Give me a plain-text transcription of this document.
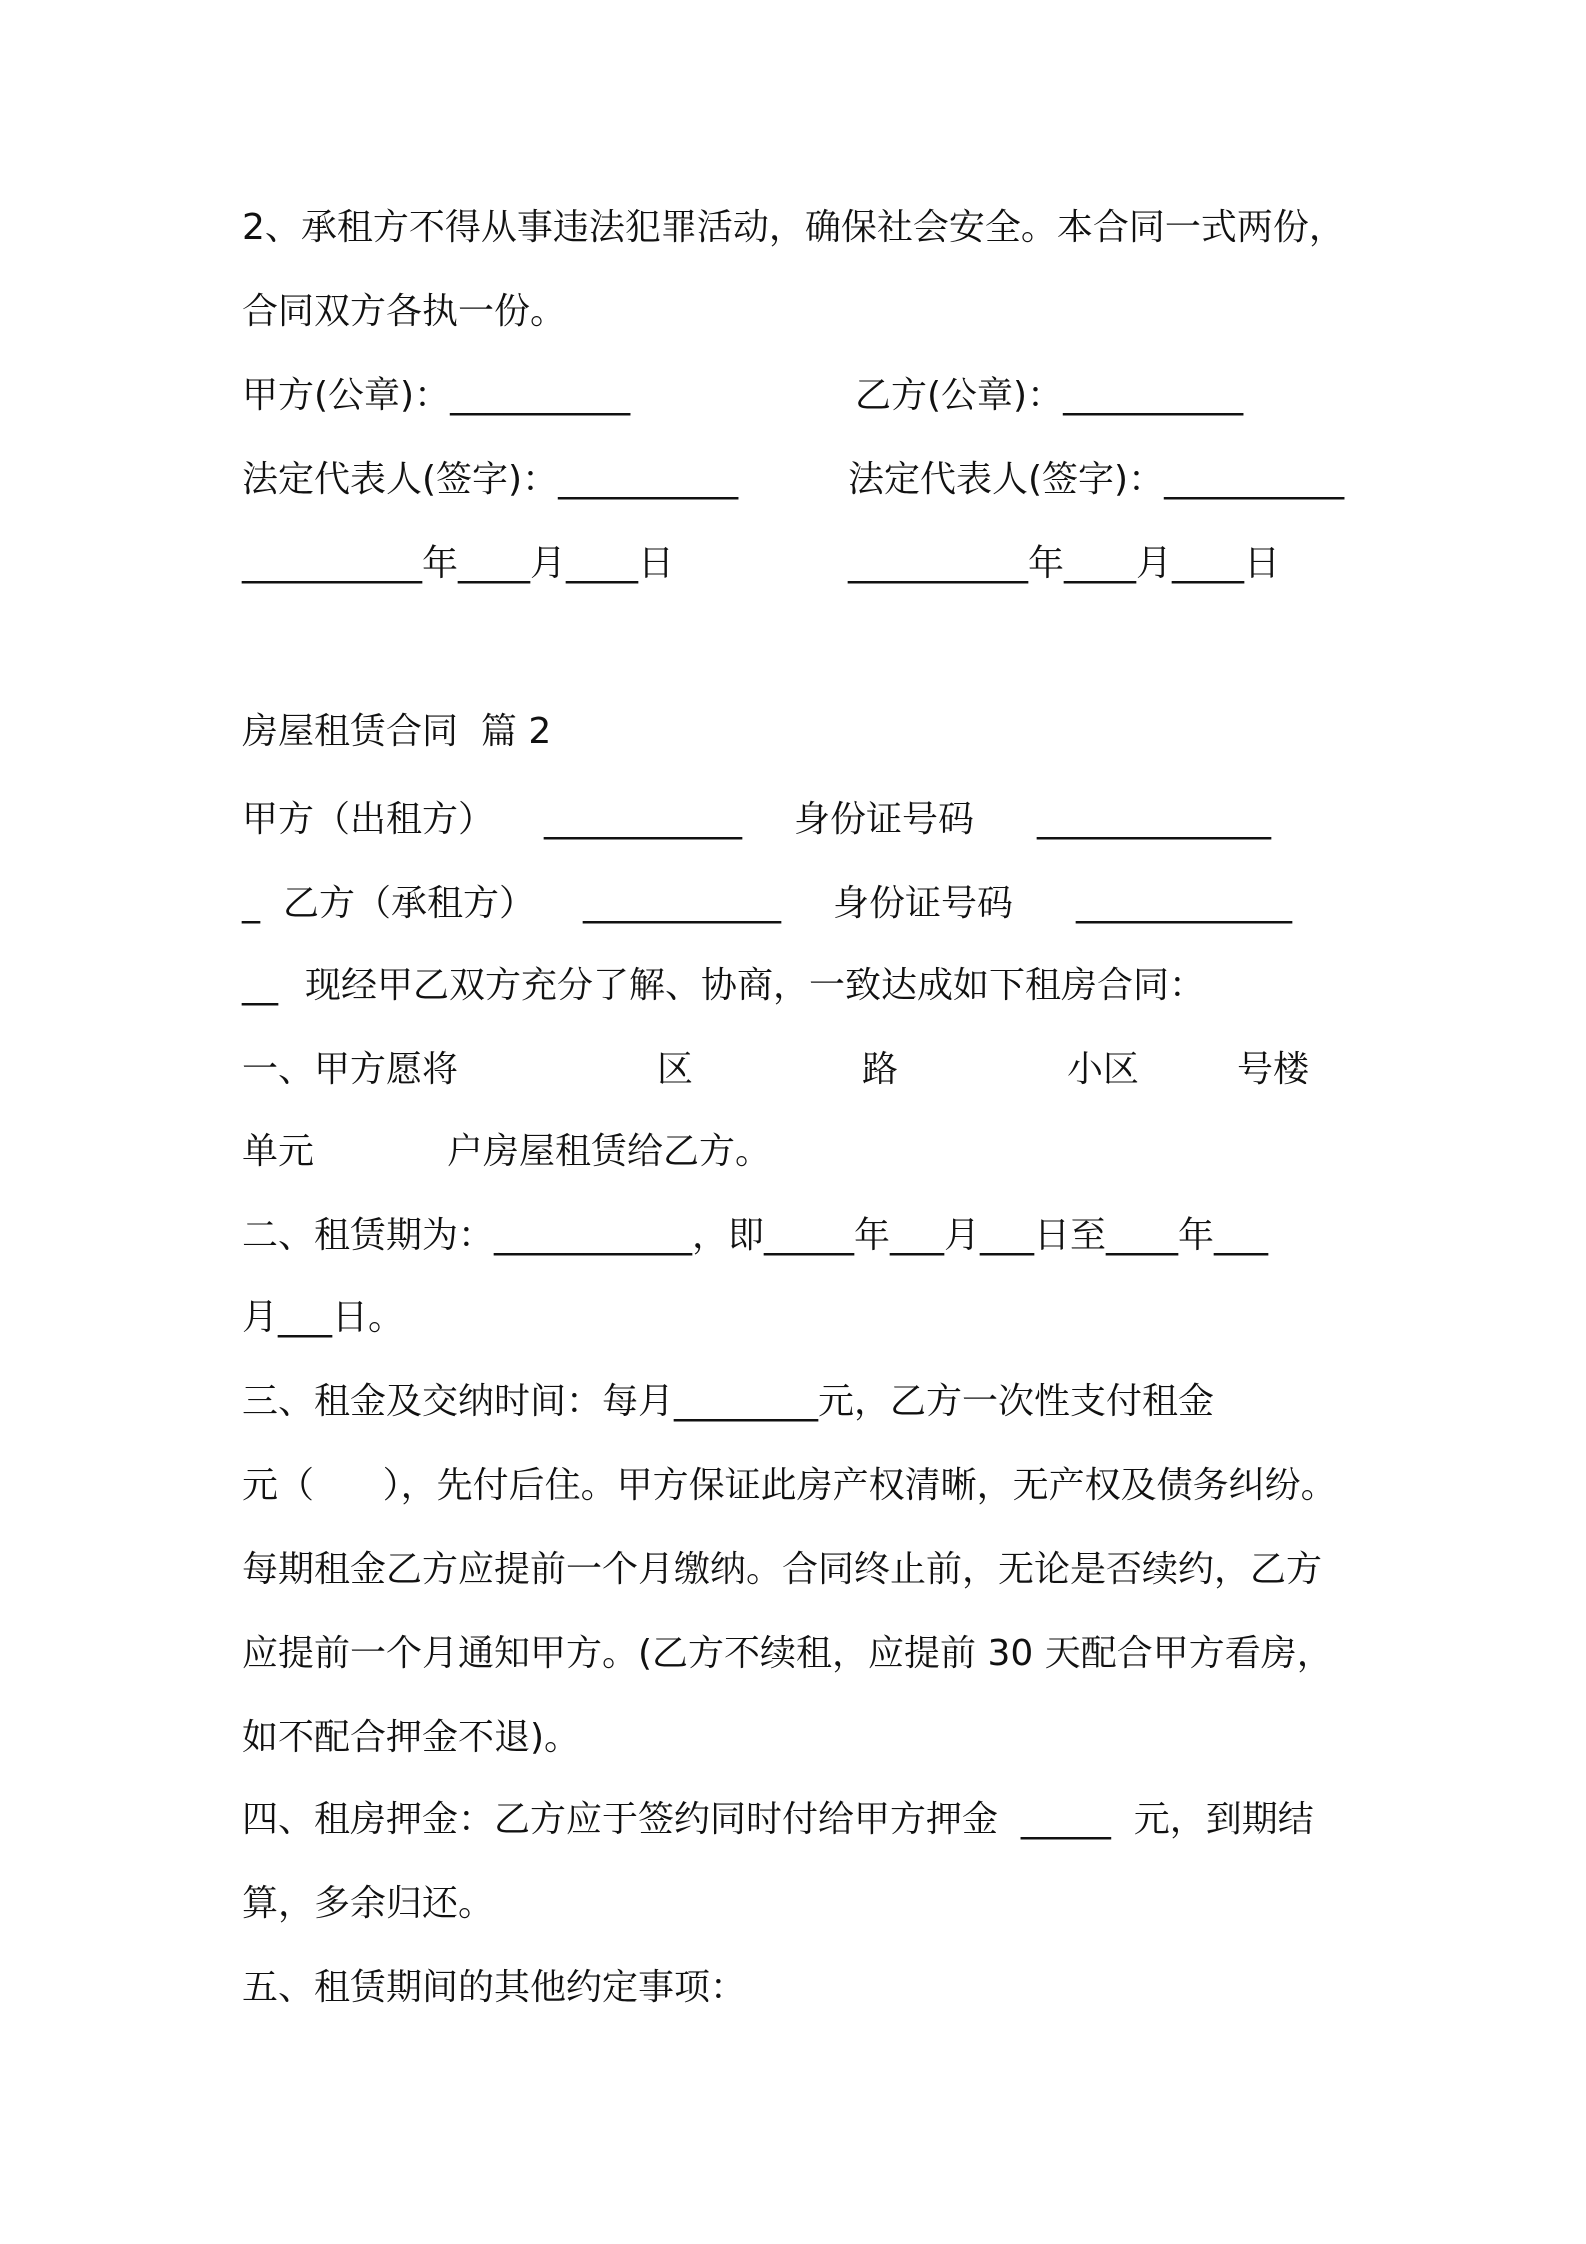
2、承租方不得从事违法犯罪活动，确保社会安全。本合同一式两份，

合同双方各执一份。

甲方(公章)：__________	乙方(公章)：__________

法定代表人(签字)：__________	法定代表人(签字)：__________

__________年____月____日	__________年____月____日

房屋租赁合同  篇 2

甲方（出租方） ___________ 身份证号码 _____________

_ 乙方（承租方） ___________ 身份证号码 ____________

__ 现经甲乙双方充分了解、协商，一致达成如下租房合同：

一、甲方愿将	区	路	小区	号楼

单元	户房屋租赁给乙方。

二、租赁期为：___________，即_____年___月___日至____年___

月___日。

三、租金及交纳时间：每月________元，乙方一次性支付租金

元（      ），先付后住。甲方保证此房产权清晰，无产权及债务纠纷。

每期租金乙方应提前一个月缴纳。合同终止前，无论是否续约，乙方

应提前一个月通知甲方。(乙方不续租，应提前 30 天配合甲方看房，

如不配合押金不退)。

四、租房押金：乙方应于签约同时付给甲方押金  _____  元，到期结

算，多余归还。

五、租赁期间的其他约定事项：
